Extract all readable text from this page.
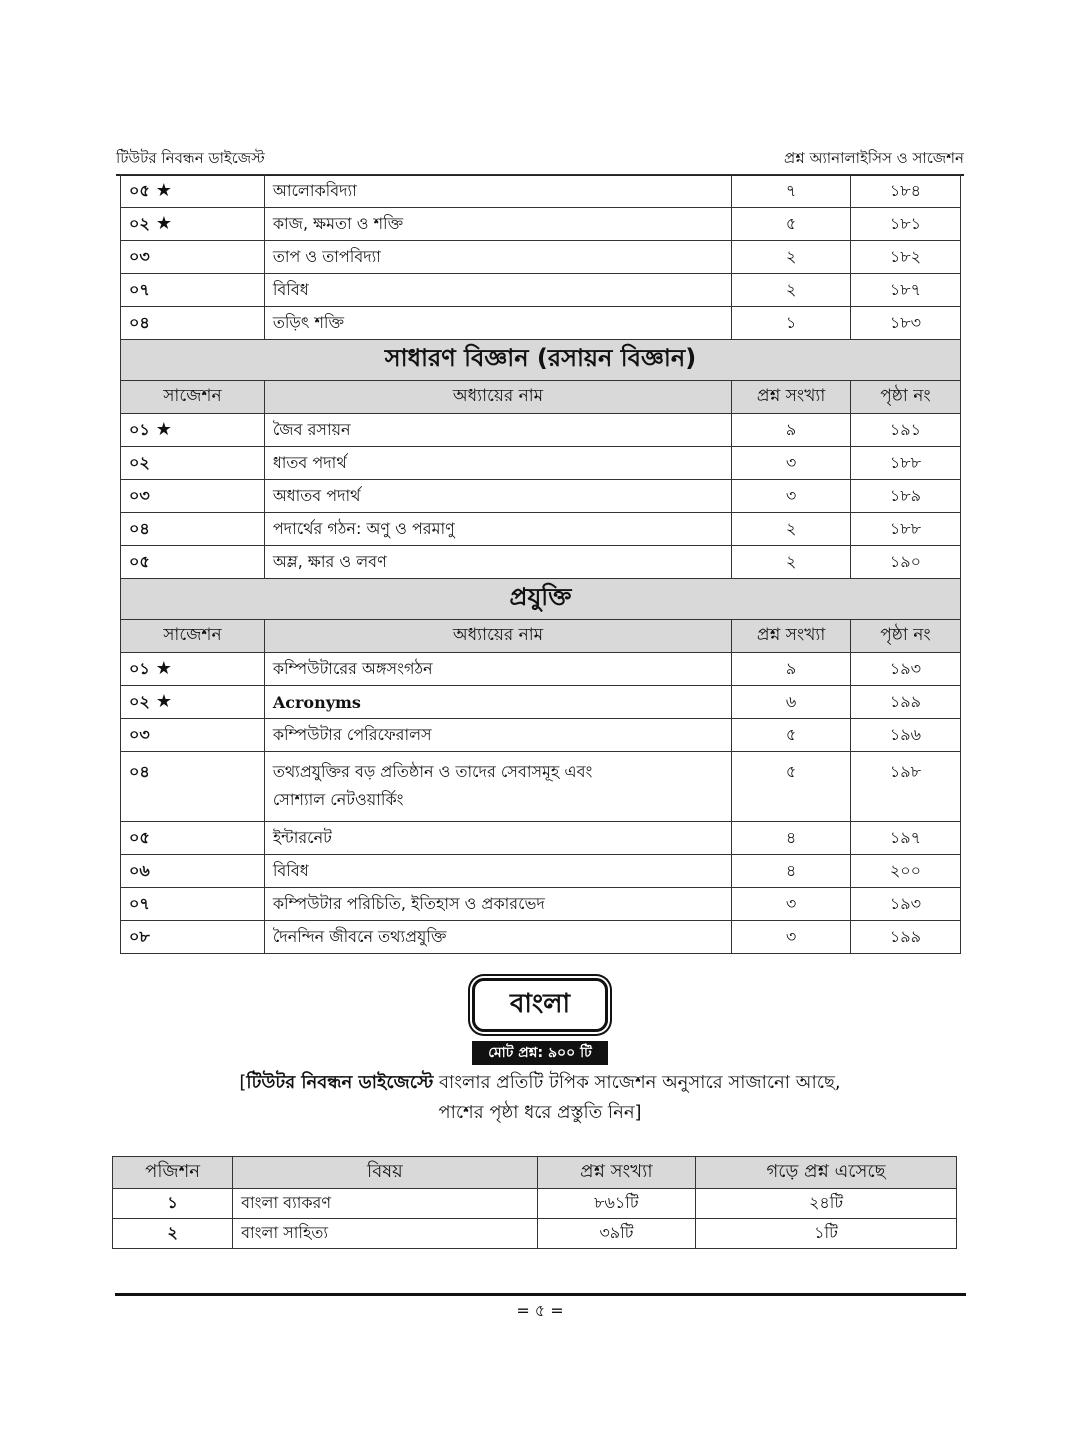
টিউটর নিবন্ধন ডাইজেস্ট	প্রশ্ন অ্যানালাইসিস ও সাজেশন
০৫ ★	আলোকবিদ্যা	৭	১৮৪
০২ ★	কাজ, ক্ষমতা ও শক্তি	৫	১৮১
০৩	তাপ ও তাপবিদ্যা	২	১৮২
০৭	বিবিধ	২	১৮৭
০৪	তড়িৎ শক্তি	১	১৮৩
সাধারণ বিজ্ঞান (রসায়ন বিজ্ঞান)			
সাজেশন	অধ্যায়ের নাম	প্রশ্ন সংখ্যা	পৃষ্ঠা নং
০১ ★	জৈব রসায়ন	৯	১৯১
০২	ধাতব পদার্থ	৩	১৮৮
০৩	অধাতব পদার্থ	৩	১৮৯
০৪	পদার্থের গঠন: অণু ও পরমাণু	২	১৮৮
০৫	অম্ল, ক্ষার ও লবণ	২	১৯০
প্রযুক্তি			
সাজেশন	অধ্যায়ের নাম	প্রশ্ন সংখ্যা	পৃষ্ঠা নং
০১ ★	কম্পিউটারের অঙ্গসংগঠন	৯	১৯৩
০২ ★	Acronyms	৬	১৯৯
০৩	কম্পিউটার পেরিফেরালস	৫	১৯৬
০৪	তথ্যপ্রযুক্তির বড় প্রতিষ্ঠান ও তাদের সেবাসমূহ এবং
সোশ্যাল নেটওয়ার্কিং	৫	১৯৮
০৫	ইন্টারনেট	৪	১৯৭
০৬	বিবিধ	৪	২০০
০৭	কম্পিউটার পরিচিতি, ইতিহাস ও প্রকারভেদ	৩	১৯৩
০৮	দৈনন্দিন জীবনে তথ্যপ্রযুক্তি	৩	১৯৯
বাংলা
মোট প্রশ্ন: ৯০০ টি
[টিউটর নিবন্ধন ডাইজেস্টে বাংলার প্রতিটি টপিক সাজেশন অনুসারে সাজানো আছে,
পাশের পৃষ্ঠা ধরে প্রস্তুতি নিন]
পজিশন	বিষয়	প্রশ্ন সংখ্যা	গড়ে প্রশ্ন এসেছে
১	বাংলা ব্যাকরণ	৮৬১টি	২৪টি
২	বাংলা সাহিত্য	৩৯টি	১টি
= ৫ =
